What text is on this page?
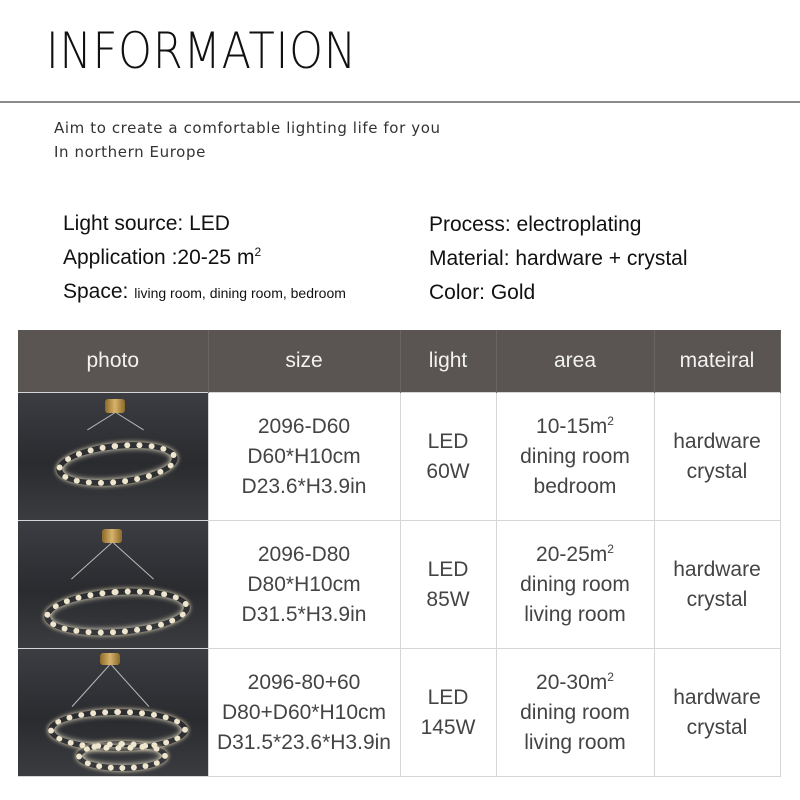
INFORMATION
Aim to create a comfortable lighting life for you
In northern Europe
Light source: LED
Application :20-25 $m^2$
Space: living room, dining room, bedroom
Process: electroplating
Material: hardware + crystal
Color: Gold
photo	size	light	area	mateiral

	2096-D60
D60*H10cm
D23.6*H3.9in	LED
60W	$10-15m^2$
dining room
bedroom	hardware
crystal

	2096-D80
D80*H10cm
D31.5*H3.9in	LED
85W	$20-25m^2$
dining room
living room	hardware
crystal

	2096-80+60
D80+D60*H10cm
D31.5*23.6*H3.9in	LED
145W	$20-30m^2$
dining room
living room	hardware
crystal
